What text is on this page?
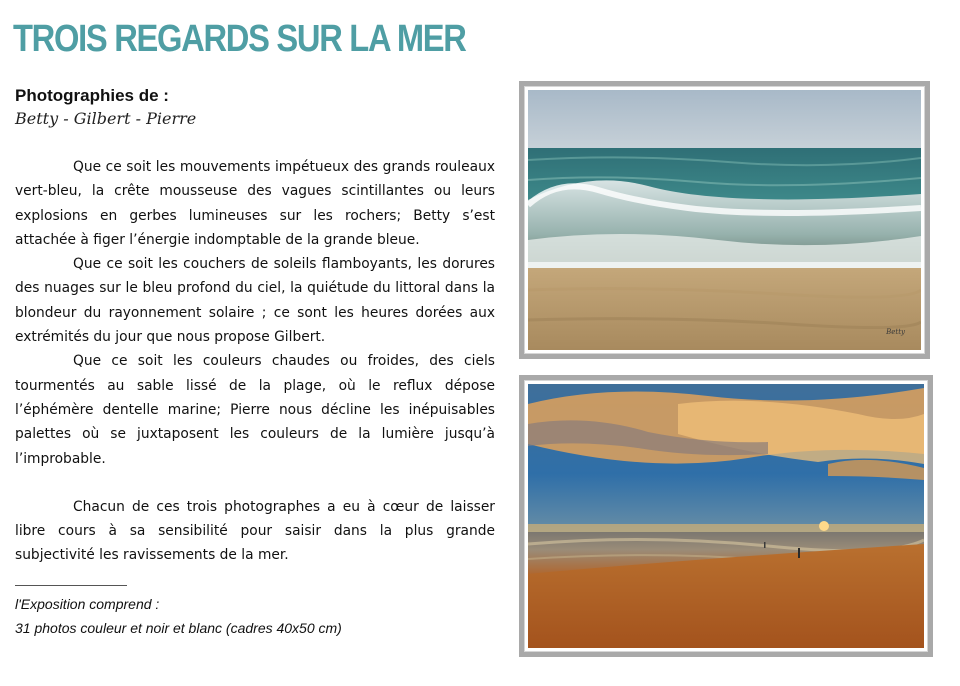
TROIS REGARDS SUR LA MER
Photographies de :
Betty - Gilbert - Pierre

Que ce soit les mouvements impétueux des grands rouleaux vert-bleu, la crête mousseuse des vagues scintillantes ou leurs explosions en gerbes lumineuses sur les rochers; Betty s’est attachée à figer l’énergie indomptable de la grande bleue.

Que ce soit les couchers de soleils flamboyants, les dorures des nuages sur le bleu profond du ciel, la quiétude du littoral dans la blondeur du rayonnement solaire ; ce sont les heures dorées aux extrémités du jour que nous propose Gilbert.

Que ce soit les couleurs chaudes ou froides, des ciels tourmentés au sable lissé de la plage, où le reflux dépose l’éphémère dentelle marine; Pierre nous décline les inépuisables palettes où se juxtaposent les couleurs de la lumière jusqu’à l’improbable.

Chacun de ces trois photographes a eu à cœur de laisser libre cours à sa sensibilité pour saisir dans la plus grande subjectivité les ravissements de la mer.

l'Exposition comprend :
31 photos couleur et noir et blanc (cadres 40x50 cm)
Betty
